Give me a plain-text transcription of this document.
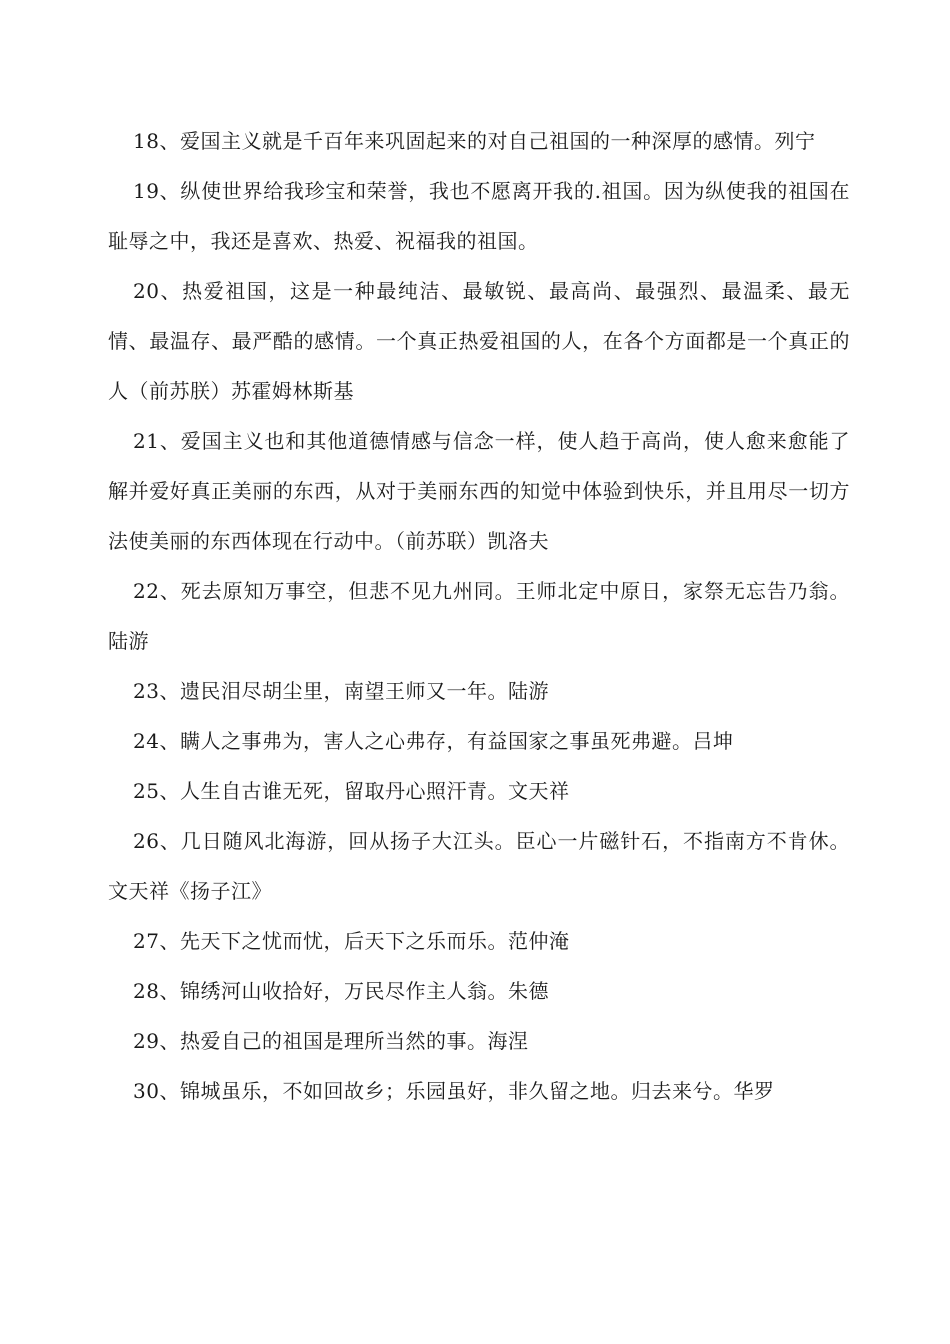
18、爱国主义就是千百年来巩固起来的对自己祖国的一种深厚的感情。列宁

19、纵使世界给我珍宝和荣誉，我也不愿离开我的.祖国。因为纵使我的祖国在耻辱之中，我还是喜欢、热爱、祝福我的祖国。

20、热爱祖国，这是一种最纯洁、最敏锐、最高尚、最强烈、最温柔、最无情、最温存、最严酷的感情。一个真正热爱祖国的人，在各个方面都是一个真正的人（前苏朕）苏霍姆林斯基

21、爱国主义也和其他道德情感与信念一样，使人趋于高尚，使人愈来愈能了解并爱好真正美丽的东西，从对于美丽东西的知觉中体验到快乐，并且用尽一切方法使美丽的东西体现在行动中。（前苏联）凯洛夫

22、死去原知万事空，但悲不见九州同。王师北定中原日，家祭无忘告乃翁。陆游

23、遗民泪尽胡尘里，南望王师又一年。陆游

24、瞒人之事弗为，害人之心弗存，有益国家之事虽死弗避。吕坤

25、人生自古谁无死，留取丹心照汗青。文天祥

26、几日随风北海游，回从扬子大江头。臣心一片磁针石，不指南方不肯休。文天祥《扬子江》

27、先天下之忧而忧，后天下之乐而乐。范仲淹

28、锦绣河山收拾好，万民尽作主人翁。朱德

29、热爱自己的祖国是理所当然的事。海涅

30、锦城虽乐，不如回故乡；乐园虽好，非久留之地。归去来兮。华罗
